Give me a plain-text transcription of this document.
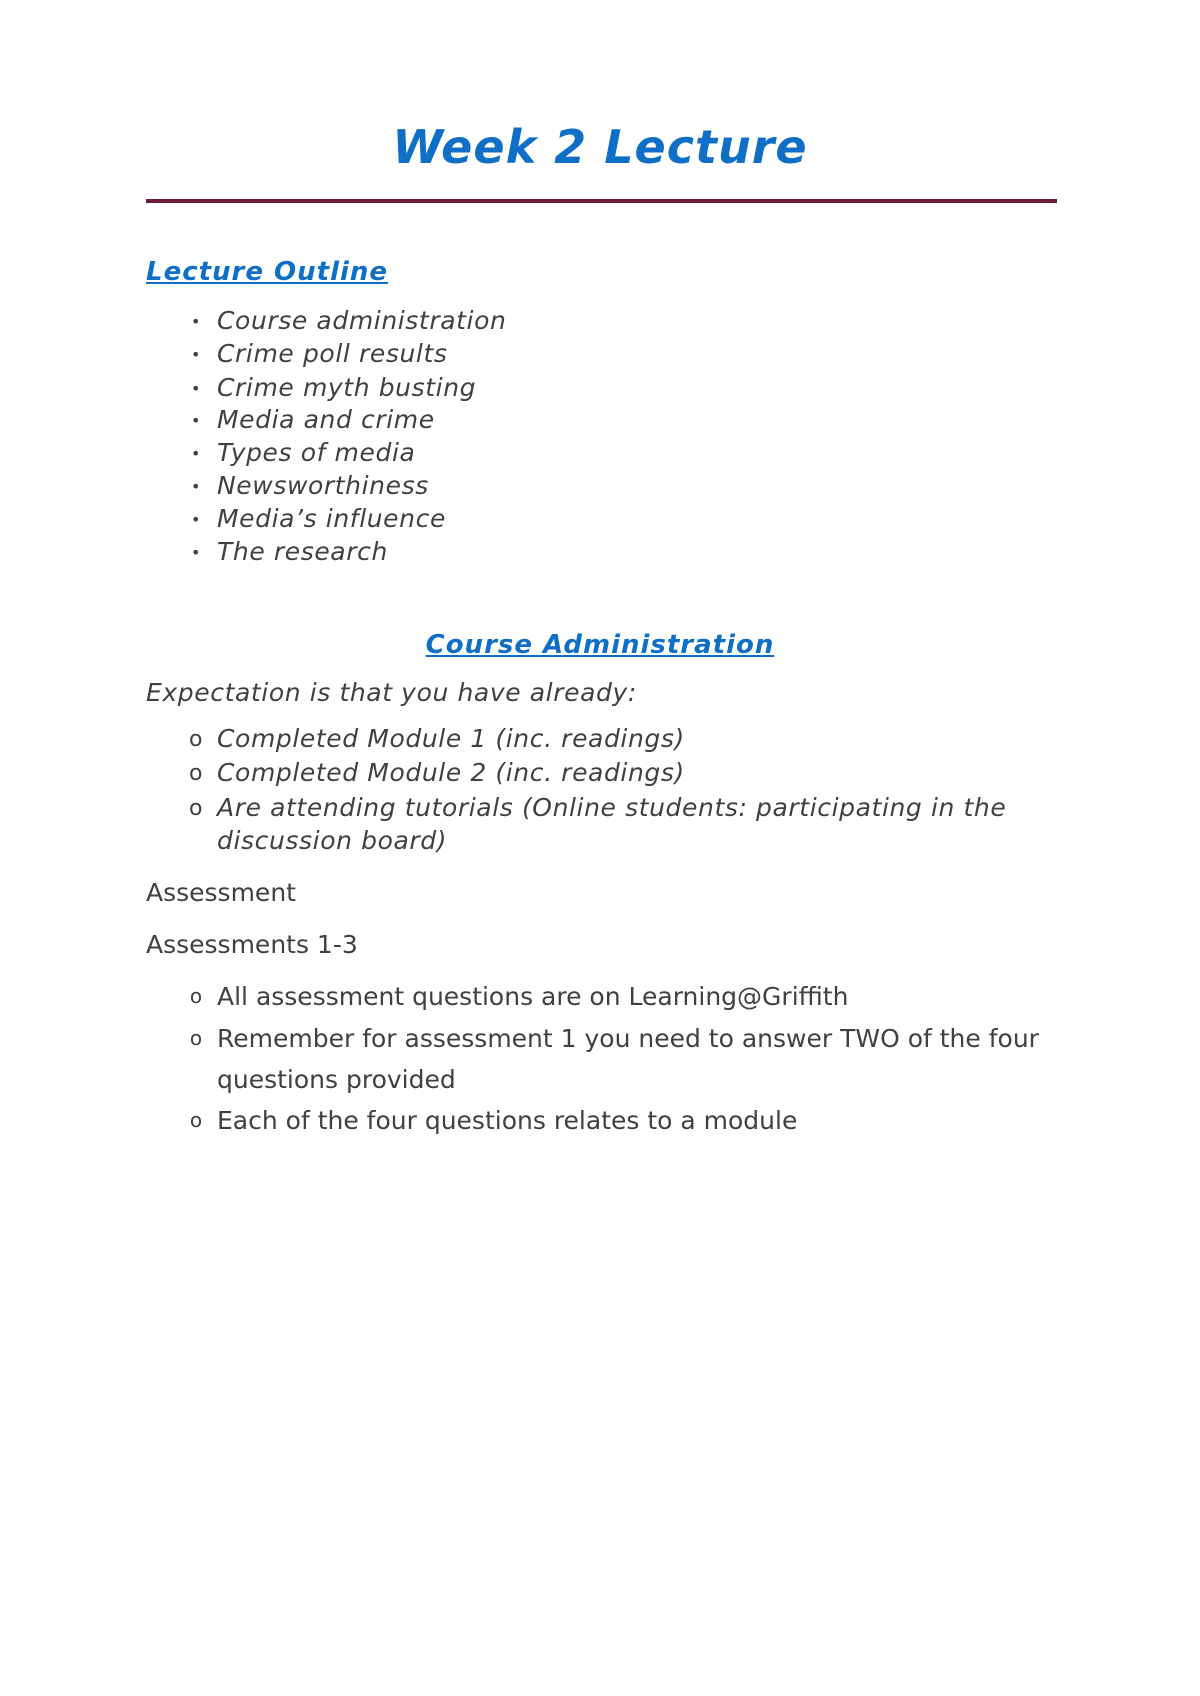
Week 2 Lecture
Lecture Outline
• Course administration
• Crime poll results
• Crime myth busting
• Media and crime
• Types of media
• Newsworthiness
• Media’s influence
• The research
Course Administration

Expectation is that you have already:

o Completed Module 1 (inc. readings)
o Completed Module 2 (inc. readings)
o Are attending tutorials (Online students: participating in the
discussion board)

Assessment

Assessments 1-3

o All assessment questions are on Learning@Griffith
o Remember for assessment 1 you need to answer TWO of the four
questions provided
o Each of the four questions relates to a module
